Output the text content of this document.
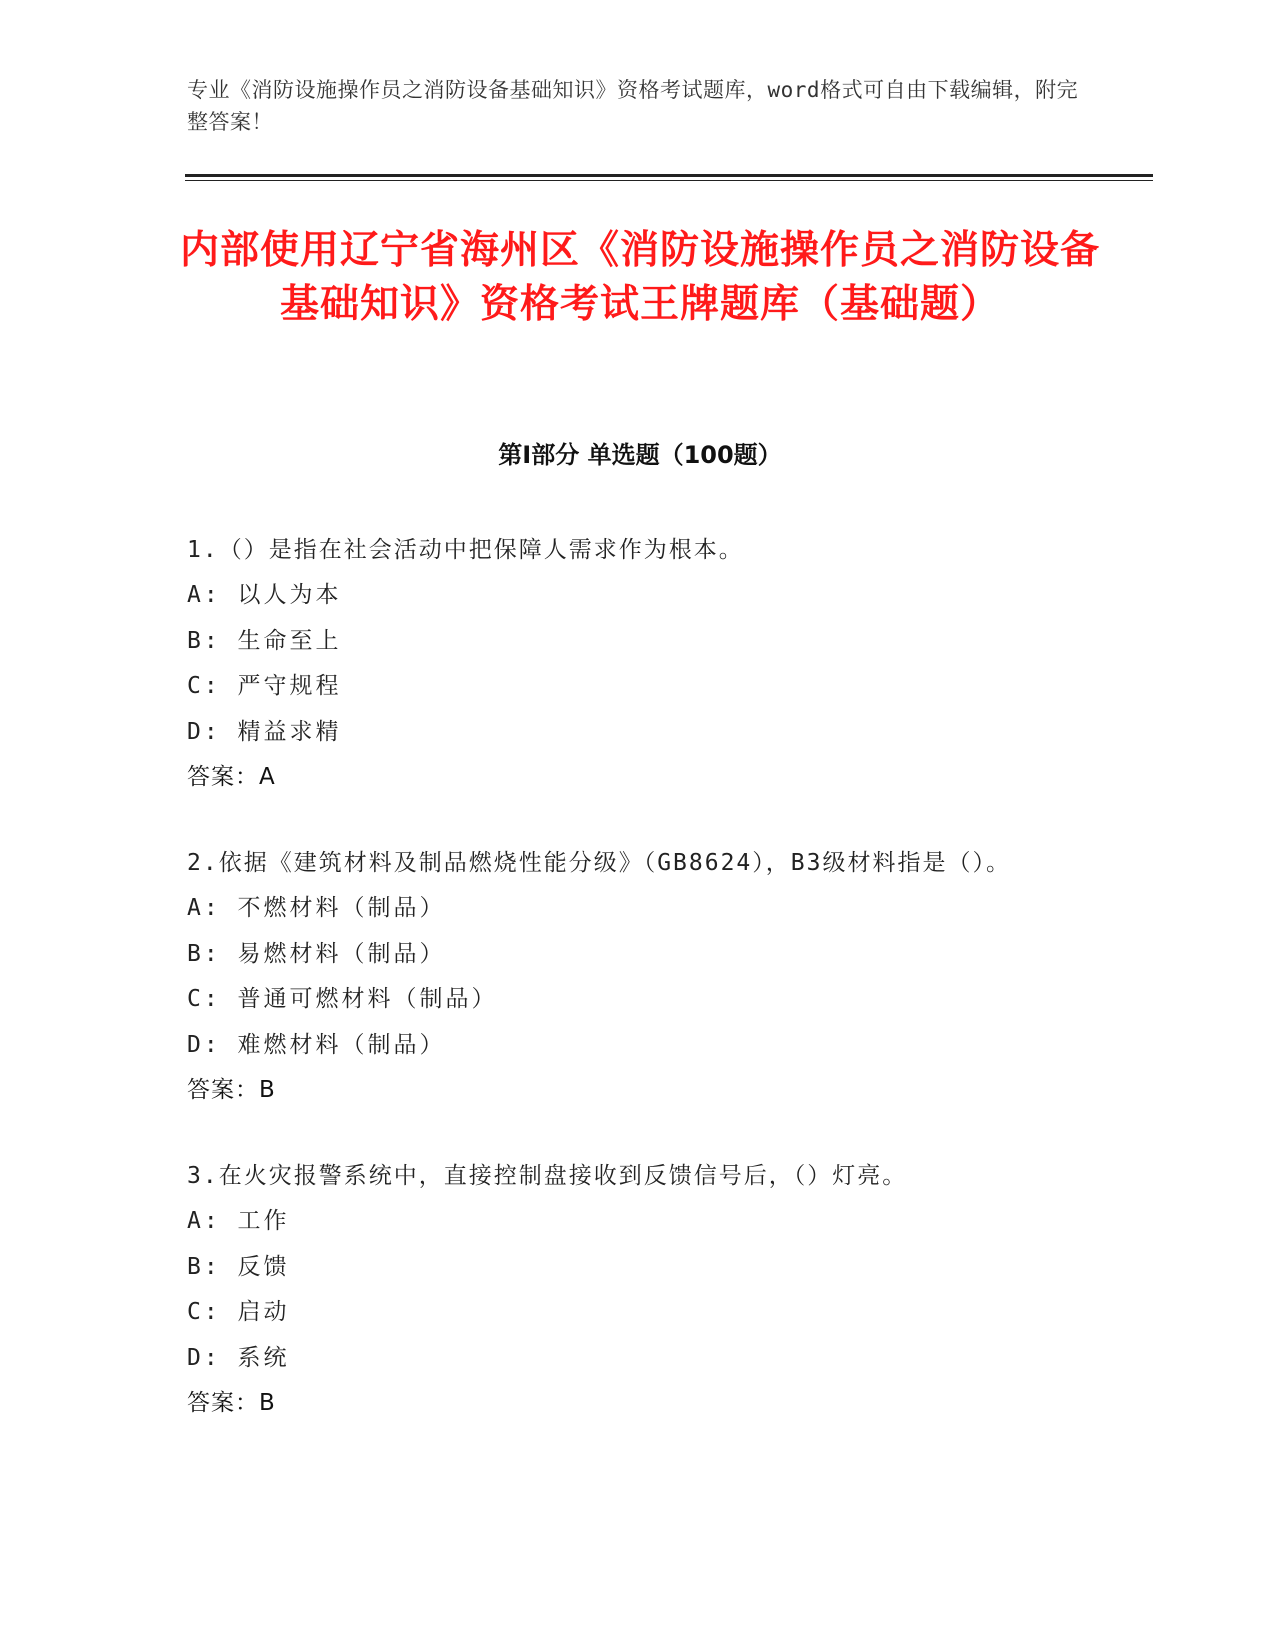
专业《消防设施操作员之消防设备基础知识》资格考试题库，word格式可自由下载编辑，附完整答案！
内部使用辽宁省海州区《消防设施操作员之消防设备基础知识》资格考试王牌题库（基础题）
第Ⅰ部分 单选题（100题）
1.（）是指在社会活动中把保障人需求作为根本。
A: 以人为本
B: 生命至上
C: 严守规程
D: 精益求精
答案：A
2.依据《建筑材料及制品燃烧性能分级》（GB8624），B3级材料指是（）。
A: 不燃材料（制品）
B: 易燃材料（制品）
C: 普通可燃材料（制品）
D: 难燃材料（制品）
答案：B
3.在火灾报警系统中，直接控制盘接收到反馈信号后，（）灯亮。
A: 工作
B: 反馈
C: 启动
D: 系统
答案：B
